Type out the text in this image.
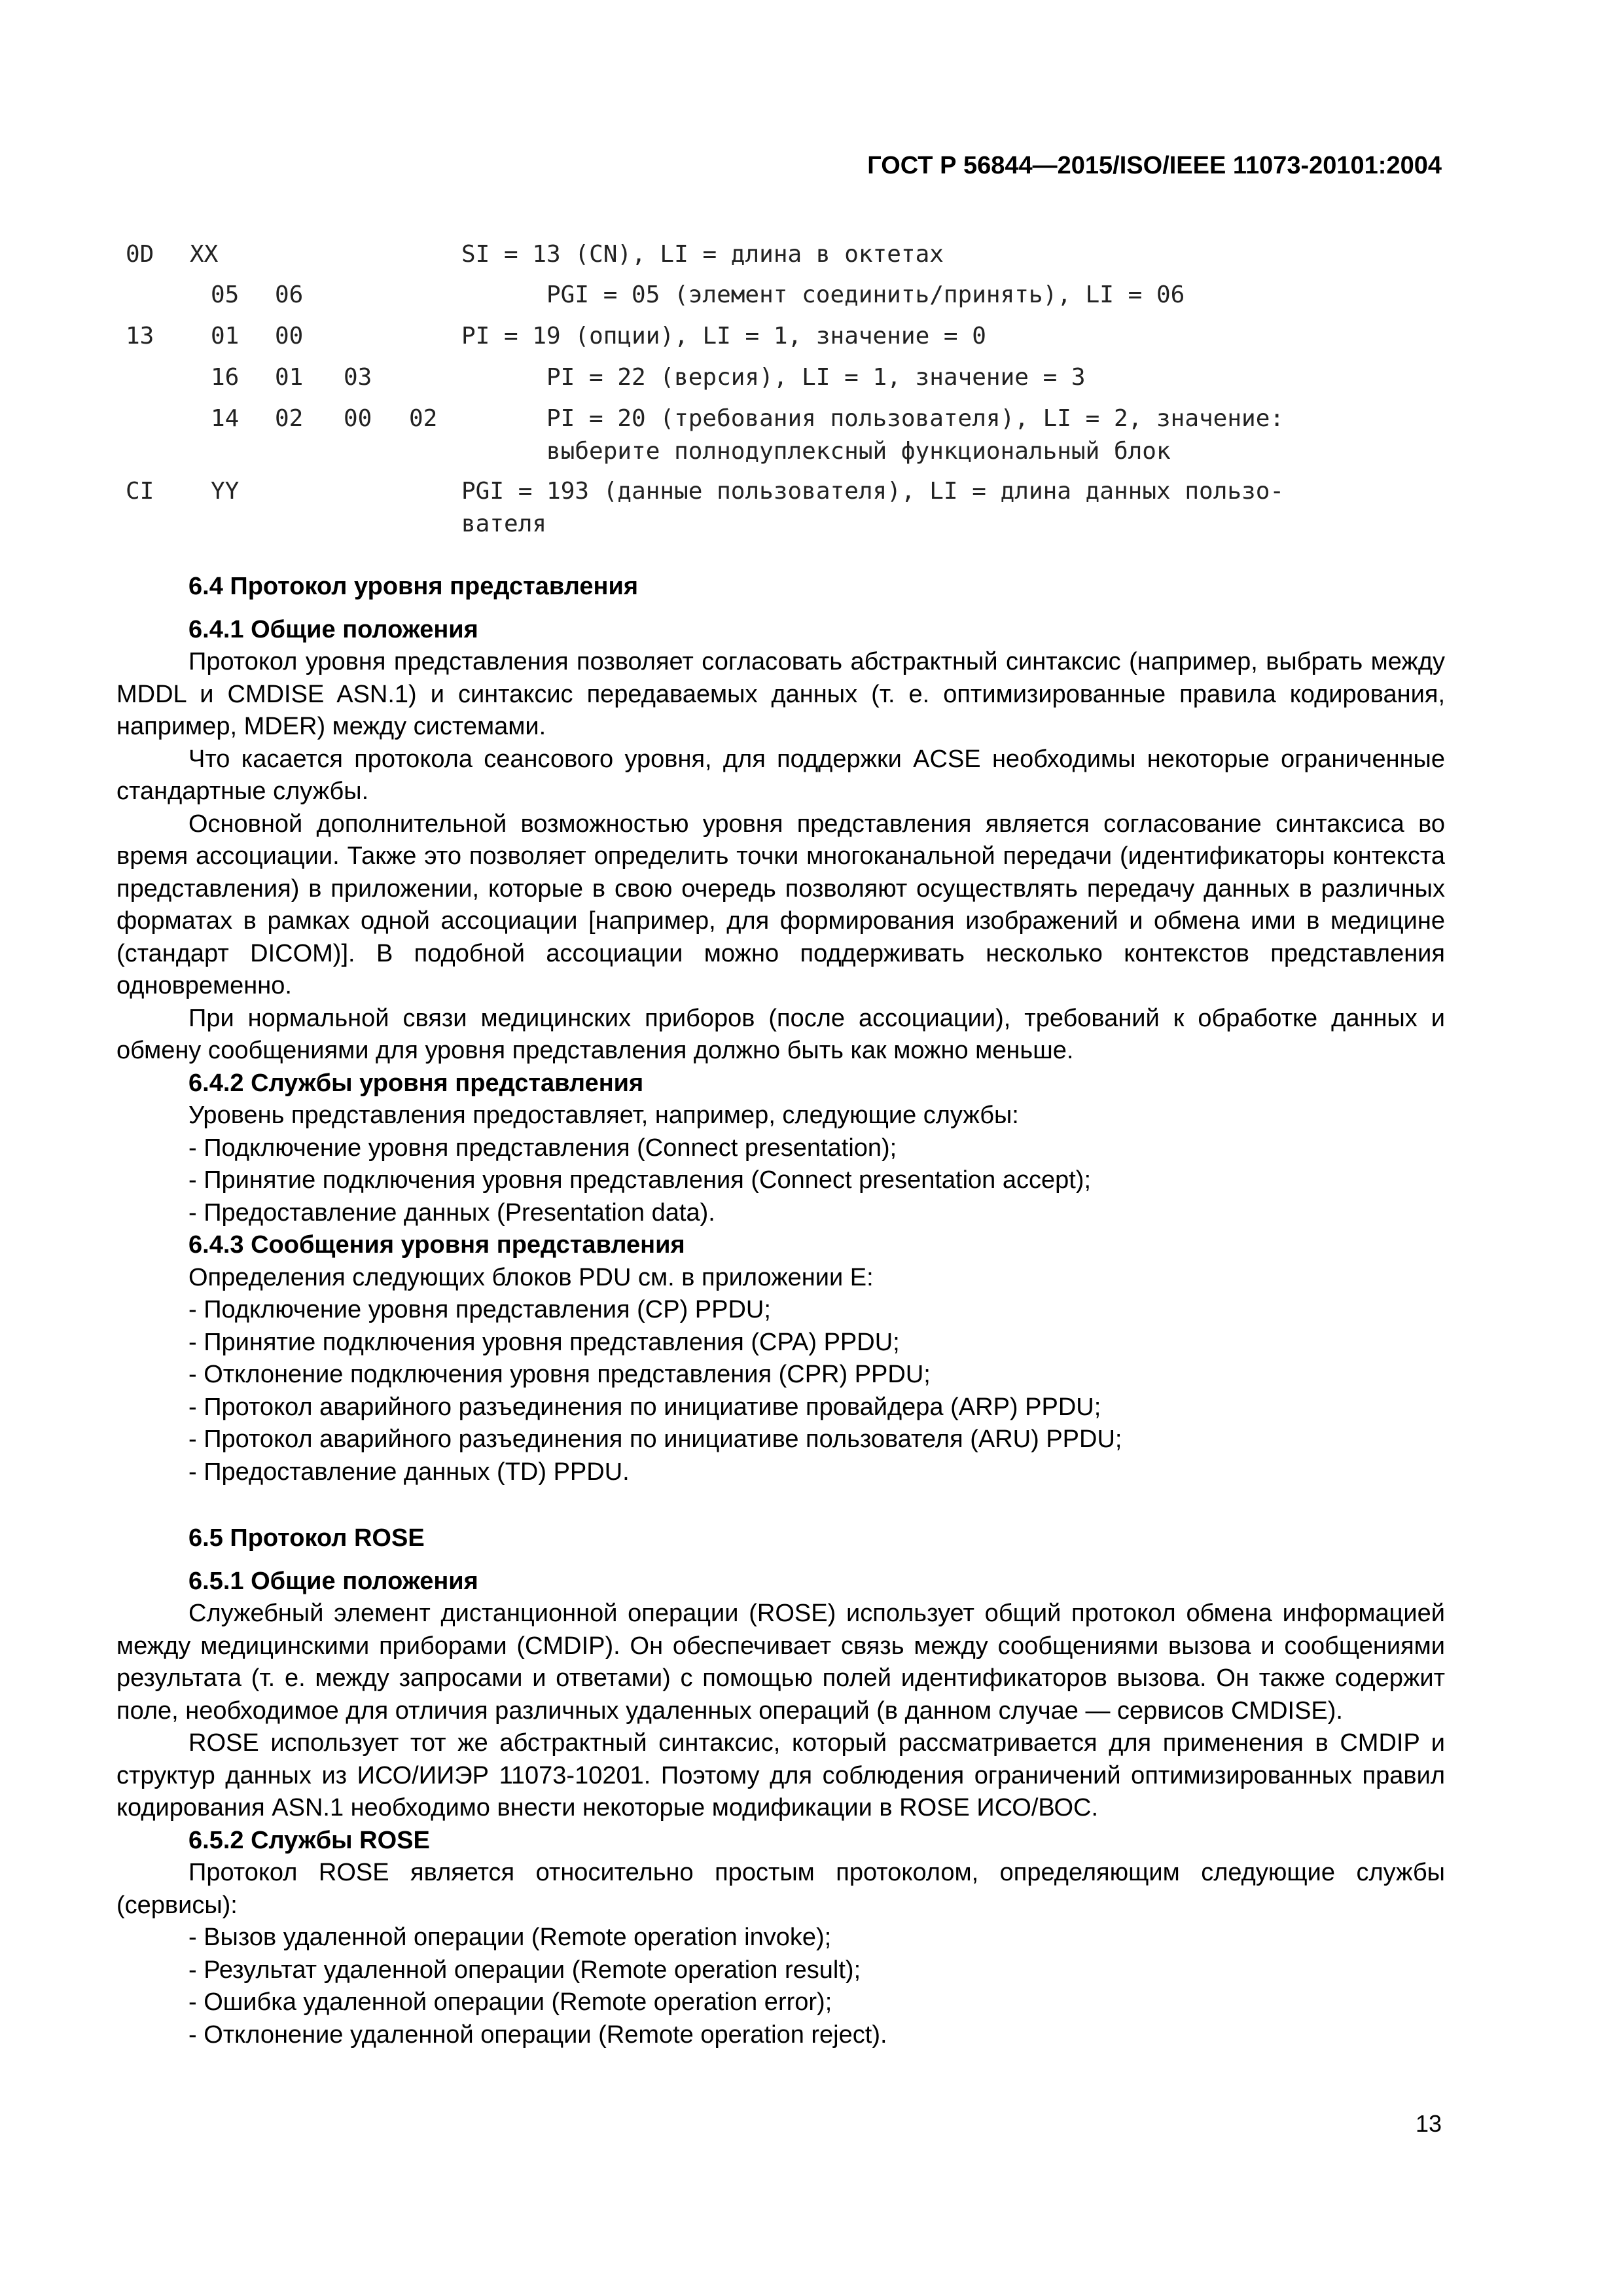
ГОСТ Р 56844—2015/ISO/IEEE 11073-20101:2004
0D XX	SI = 13 (CN), LI = длина в октетах
05 06	PGI = 05 (элемент соединить/принять), LI = 06
13 01 00	PI = 19 (опции), LI = 1, значение = 0
16 01 03	PI = 22 (версия), LI = 1, значение = 3
14 02 00 02	PI = 20 (требования пользователя), LI = 2, значение:
выберите полнодуплексный функциональный блок
CI YY	PGI = 193 (данные пользователя), LI = длина данных пользо-
вателя
6.4 Протокол уровня представления
6.4.1 Общие положения

Протокол уровня представления позволяет согласовать абстрактный синтаксис (например, выбрать между MDDL и CMDISE ASN.1) и синтаксис передаваемых данных (т. е. оптимизированные правила кодирования, например, MDER) между системами.

Что касается протокола сеансового уровня, для поддержки ACSE необходимы некоторые ограниченные стандартные службы.

Основной дополнительной возможностью уровня представления является согласование синтаксиса во время ассоциации. Также это позволяет определить точки многоканальной передачи (идентификаторы контекста представления) в приложении, которые в свою очередь позволяют осуществлять передачу данных в различных форматах в рамках одной ассоциации [например, для формирования изображений и обмена ими в медицине (стандарт DICOM)]. В подобной ассоциации можно поддерживать несколько контекстов представления одновременно.

При нормальной связи медицинских приборов (после ассоциации), требований к обработке данных и обмену сообщениями для уровня представления должно быть как можно меньше.

6.4.2 Службы уровня представления
Уровень представления предоставляет, например, следующие службы:
- Подключение уровня представления (Connect presentation);
- Принятие подключения уровня представления (Connect presentation accept);
- Предоставление данных (Presentation data).
6.4.3 Сообщения уровня представления
Определения следующих блоков PDU см. в приложении Е:
- Подключение уровня представления (CP) PPDU;
- Принятие подключения уровня представления (CPA) PPDU;
- Отклонение подключения уровня представления (CPR) PPDU;
- Протокол аварийного разъединения по инициативе провайдера (ARP) PPDU;
- Протокол аварийного разъединения по инициативе пользователя (ARU) PPDU;
- Предоставление данных (TD) PPDU.
6.5 Протокол ROSE
6.5.1 Общие положения

Служебный элемент дистанционной операции (ROSE) использует общий протокол обмена информацией между медицинскими приборами (CMDIP). Он обеспечивает связь между сообщениями вызова и сообщениями результата (т. е. между запросами и ответами) с помощью полей идентификаторов вызова. Он также содержит поле, необходимое для отличия различных удаленных операций (в данном случае — сервисов CMDISE).

ROSE использует тот же абстрактный синтаксис, который рассматривается для применения в CMDIP и структур данных из ИСО/ИИЭР 11073-10201. Поэтому для соблюдения ограничений оптимизированных правил кодирования ASN.1 необходимо внести некоторые модификации в ROSE ИСО/ВОС.

6.5.2 Службы ROSE

Протокол ROSE является относительно простым протоколом, определяющим следующие службы (сервисы):

- Вызов удаленной операции (Remote operation invoke);
- Результат удаленной операции (Remote operation result);
- Ошибка удаленной операции (Remote operation error);
- Отклонение удаленной операции (Remote operation reject).
13
